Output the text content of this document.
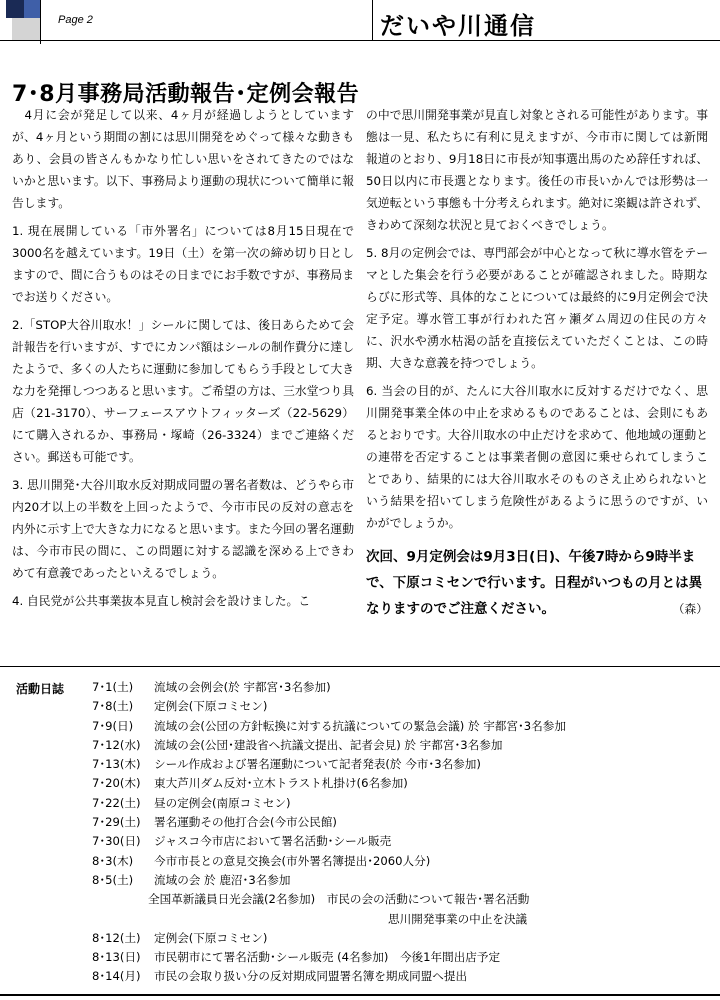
Page 2	だいや川通信
7･8月事務局活動報告･定例会報告

　4月に会が発足して以来、4ヶ月が経過しようとしていますが、4ヶ月という期間の割には思川開発をめぐって様々な動きもあり、会員の皆さんもかなり忙しい思いをされてきたのではないかと思います。以下、事務局より運動の現状について簡単に報告します。

1. 現在展開している「市外署名」については8月15日現在で3000名を越えています。19日（土）を第一次の締め切り日としますので、間に合うものはその日までにお手数ですが、事務局までお送りください。

2.「STOP大谷川取水！」シールに関しては、後日あらためて会計報告を行いますが、すでにカンパ額はシールの制作費分に達したようで、多くの人たちに運動に参加してもらう手段として大きな力を発揮しつつあると思います。ご希望の方は、三水堂つり具店（21-3170）、サーフェースアウトフィッターズ（22-5629）にて購入されるか、事務局・塚崎（26-3324）までご連絡ください。郵送も可能です。

3. 思川開発･大谷川取水反対期成同盟の署名者数は、どうやら市内20才以上の半数を上回ったようで、今市市民の反対の意志を内外に示す上で大きな力になると思います。また今回の署名運動は、今市市民の間に、この問題に対する認識を深める上できわめて有意義であったといえるでしょう。

4. 自民党が公共事業抜本見直し検討会を設けました。こ

の中で思川開発事業が見直し対象とされる可能性があります。事態は一見、私たちに有利に見えますが、今市市に関しては新聞報道のとおり、9月18日に市長が知事選出馬のため辞任すれば、50日以内に市長選となります。後任の市長いかんでは形勢は一気逆転という事態も十分考えられます。絶対に楽観は許されず、きわめて深刻な状況と見ておくべきでしょう。

5. 8月の定例会では、専門部会が中心となって秋に導水管をテーマとした集会を行う必要があることが確認されました。時期ならびに形式等、具体的なことについては最終的に9月定例会で決定予定。導水管工事が行われた宮ヶ瀬ダム周辺の住民の方々に、沢水や湧水枯渇の話を直接伝えていただくことは、この時期、大きな意義を持つでしょう。

6. 当会の目的が、たんに大谷川取水に反対するだけでなく、思川開発事業全体の中止を求めるものであることは、会則にもあるとおりです。大谷川取水の中止だけを求めて、他地域の運動との連帯を否定することは事業者側の意図に乗せられてしまうことであり、結果的には大谷川取水そのものさえ止められないという結果を招いてしまう危険性があるように思うのですが、いかがでしょうか。

次回、9月定例会は9月3日(日)、午後7時から9時半まで、下原コミセンで行います。日程がいつもの月とは異なりますのでご注意ください。	（森）
活動日誌 7･1(土) 流域の会例会(於 宇都宮･3名参加)
7･8(土) 定例会(下原コミセン)
7･9(日) 流域の会(公団の方針転換に対する抗議についての緊急会議) 於 宇都宮･3名参加
7･12(水) 流域の会(公団･建設省へ抗議文提出、記者会見) 於 宇都宮･3名参加
7･13(木) シール作成および署名運動について記者発表(於 今市･3名参加)
7･20(木) 東大芦川ダム反対･立木トラスト札掛け(6名参加)
7･22(土) 昼の定例会(南原コミセン)
7･29(土) 署名運動その他打合会(今市公民館)
7･30(日) ジャスコ今市店において署名活動･シール販売
8･3(木) 今市市長との意見交換会(市外署名簿提出･2060人分)
8･5(土) 流域の会 於 鹿沼･3名参加
全国革新議員日光会議(2名参加)　市民の会の活動について報告･署名活動
思川開発事業の中止を決議
8･12(土) 定例会(下原コミセン)
8･13(日) 市民朝市にて署名活動･シール販売 (4名参加)　今後1年間出店予定
8･14(月) 市民の会取り扱い分の反対期成同盟署名簿を期成同盟へ提出
